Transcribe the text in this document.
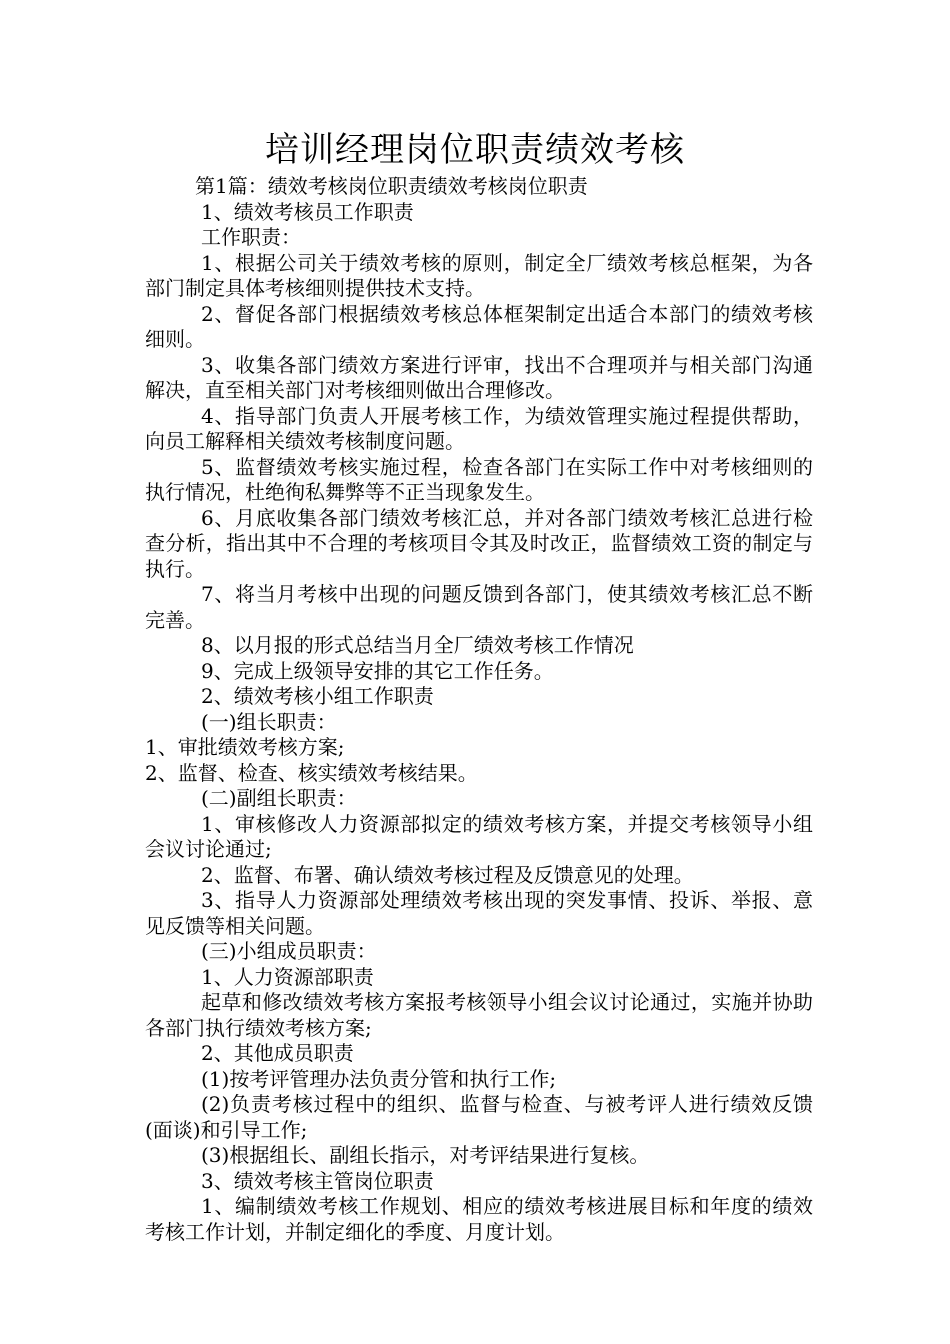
培训经理岗位职责绩效考核

第1篇：绩效考核岗位职责绩效考核岗位职责

1、绩效考核员工作职责

工作职责：

1、根据公司关于绩效考核的原则，制定全厂绩效考核总框架，为各部门制定具体考核细则提供技术支持。

2、督促各部门根据绩效考核总体框架制定出适合本部门的绩效考核细则。

3、收集各部门绩效方案进行评审，找出不合理项并与相关部门沟通解决，直至相关部门对考核细则做出合理修改。

4、指导部门负责人开展考核工作，为绩效管理实施过程提供帮助，向员工解释相关绩效考核制度问题。

5、监督绩效考核实施过程，检查各部门在实际工作中对考核细则的执行情况，杜绝徇私舞弊等不正当现象发生。

6、月底收集各部门绩效考核汇总，并对各部门绩效考核汇总进行检查分析，指出其中不合理的考核项目令其及时改正，监督绩效工资的制定与执行。

7、将当月考核中出现的问题反馈到各部门，使其绩效考核汇总不断完善。

8、以月报的形式总结当月全厂绩效考核工作情况

9、完成上级领导安排的其它工作任务。

2、绩效考核小组工作职责

(一)组长职责：

1、审批绩效考核方案;

2、监督、检查、核实绩效考核结果。

(二)副组长职责：

1、审核修改人力资源部拟定的绩效考核方案，并提交考核领导小组会议讨论通过;

2、监督、布署、确认绩效考核过程及反馈意见的处理。

3、指导人力资源部处理绩效考核出现的突发事情、投诉、举报、意见反馈等相关问题。

(三)小组成员职责：

1、人力资源部职责

起草和修改绩效考核方案报考核领导小组会议讨论通过，实施并协助各部门执行绩效考核方案;

2、其他成员职责

(1)按考评管理办法负责分管和执行工作;

(2)负责考核过程中的组织、监督与检查、与被考评人进行绩效反馈(面谈)和引导工作;

(3)根据组长、副组长指示，对考评结果进行复核。

3、绩效考核主管岗位职责

1、编制绩效考核工作规划、相应的绩效考核进展目标和年度的绩效考核工作计划，并制定细化的季度、月度计划。
